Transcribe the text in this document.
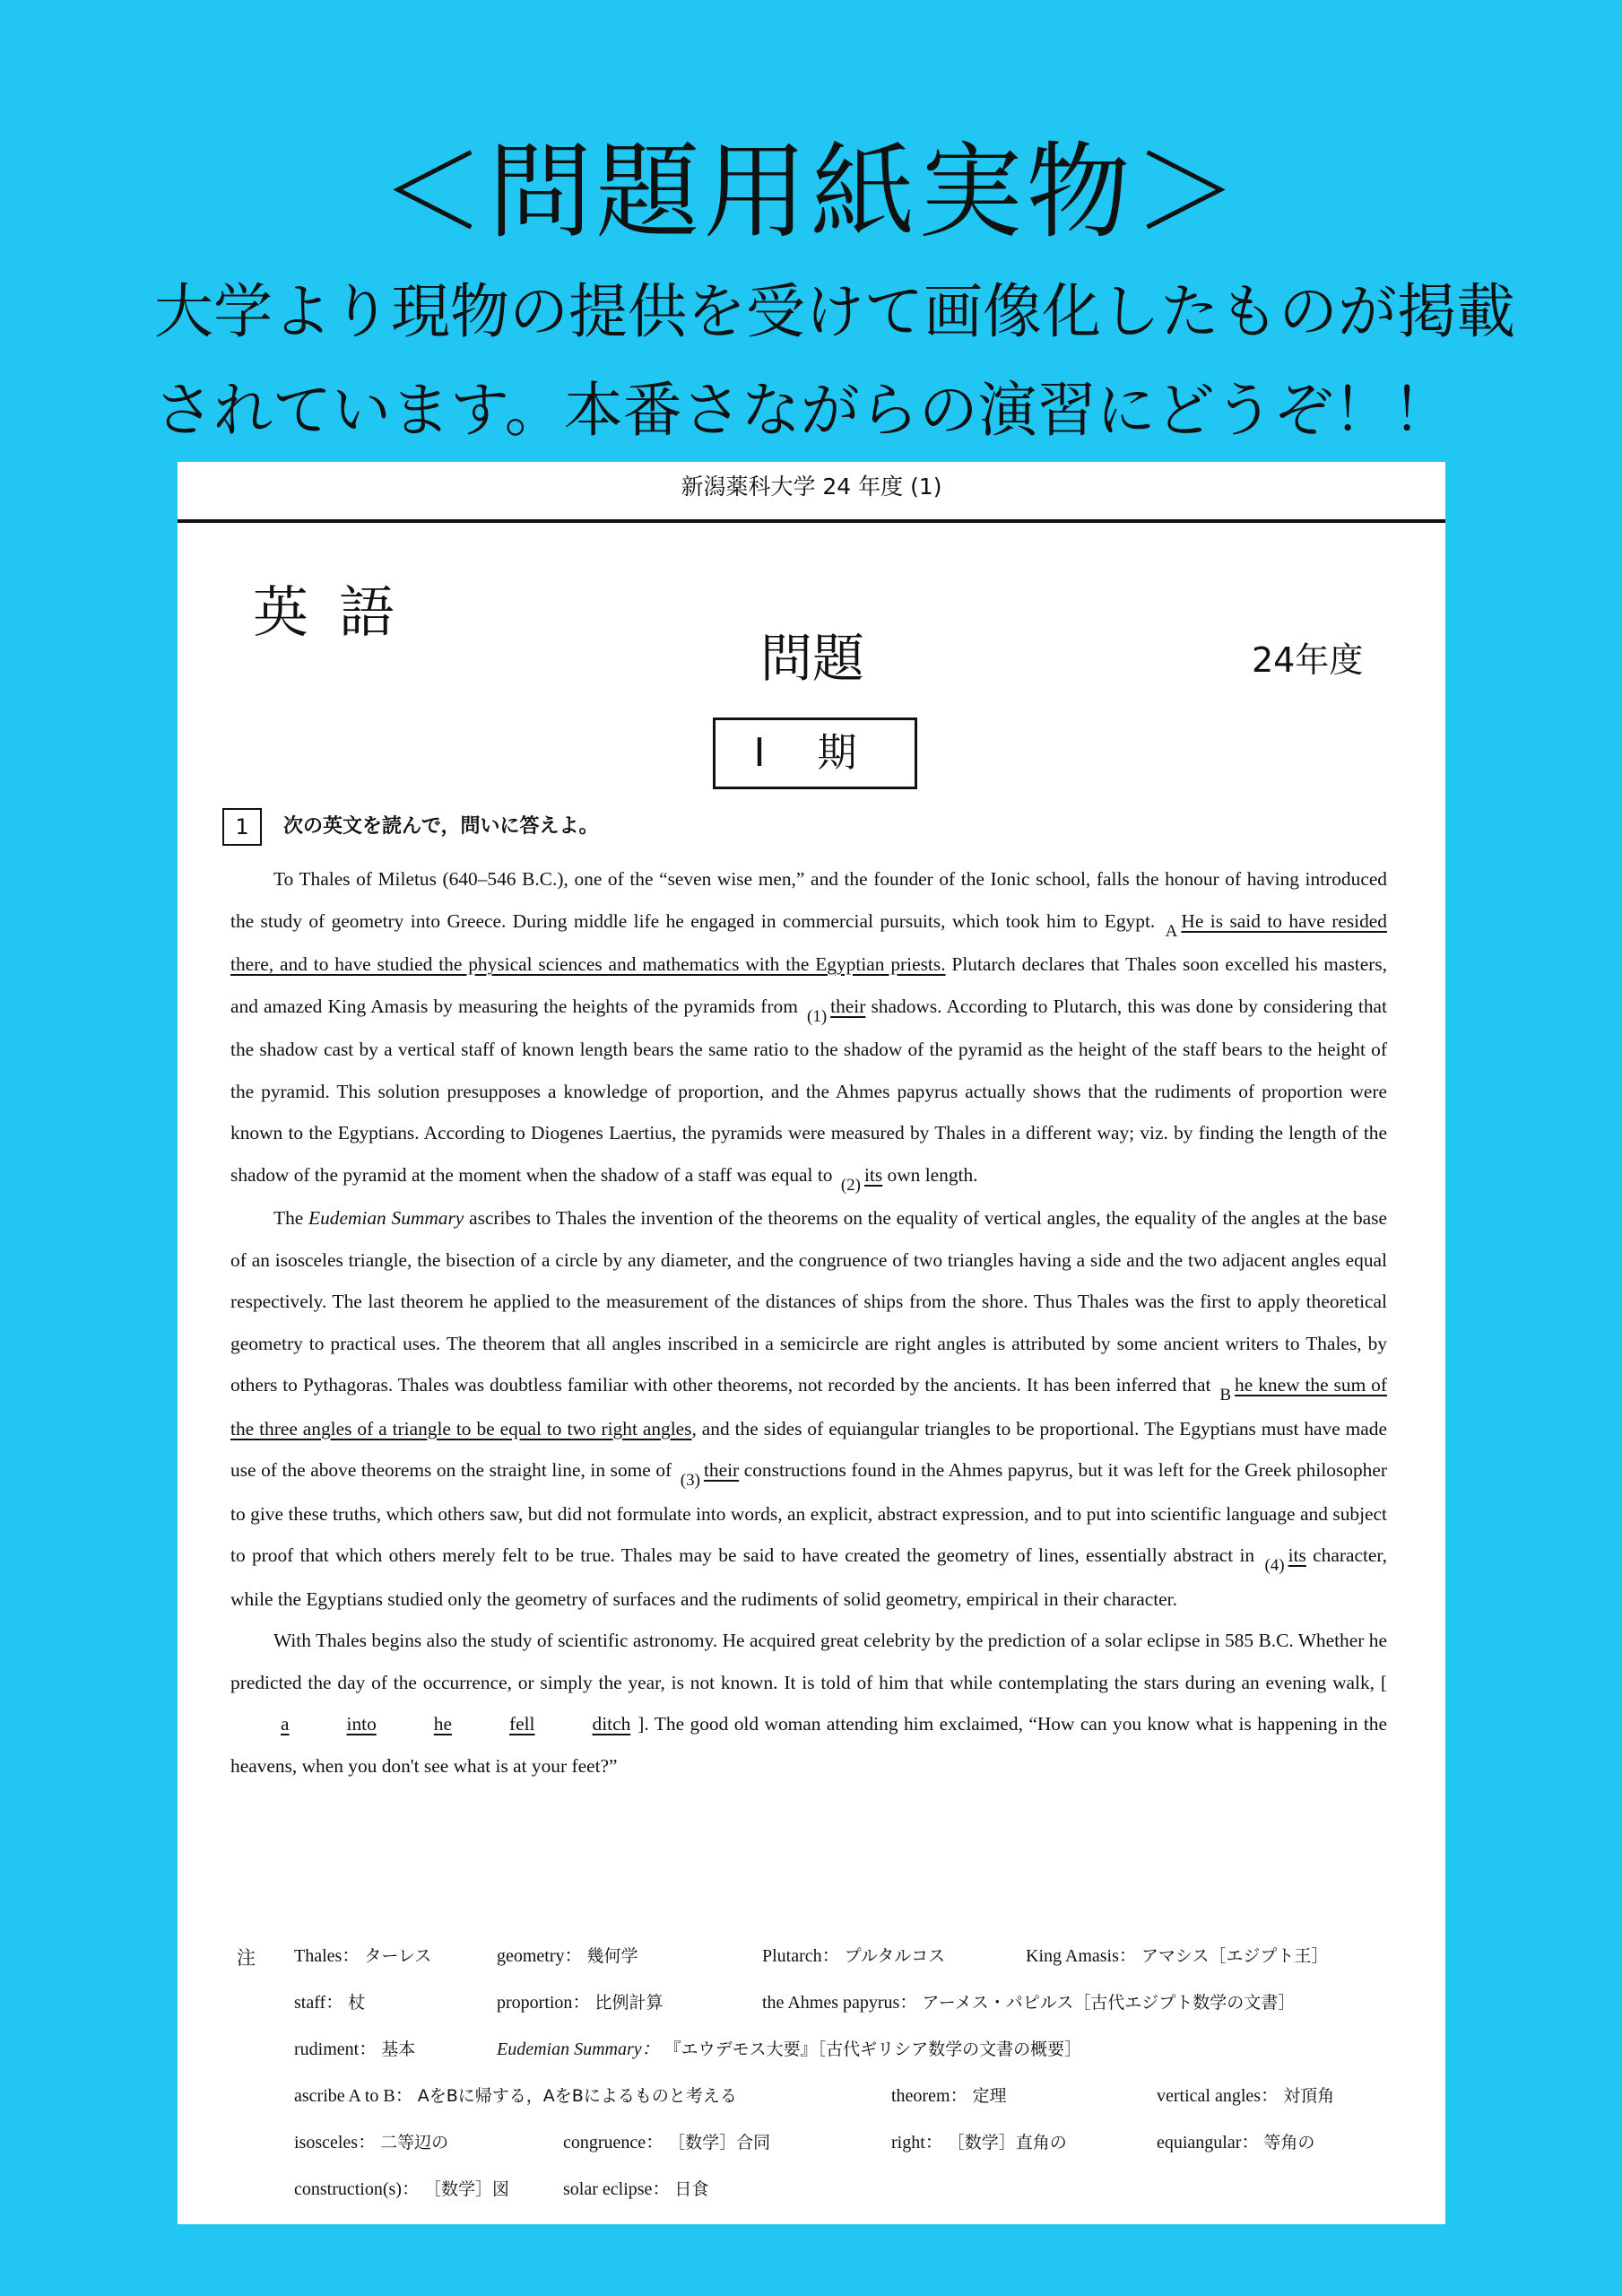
＜問題用紙実物＞
大学より現物の提供を受けて画像化したものが掲載
されています。本番さながらの演習にどうぞ！！
新潟薬科大学 24 年度 (1)
英語
問題	24年度
I 期
1	次の英文を読んで，問いに答えよ。

To Thales of Miletus (640–546 B.C.), one of the “seven wise men,” and the founder of the Ionic school, falls the honour of having introduced the study of geometry into Greece. During middle life he engaged in commercial pursuits, which took him to Egypt. A He is said to have resided there, and to have studied the physical sciences and mathematics with the Egyptian priests. Plutarch declares that Thales soon excelled his masters, and amazed King Amasis by measuring the heights of the pyramids from (1) their shadows. According to Plutarch, this was done by considering that the shadow cast by a vertical staff of known length bears the same ratio to the shadow of the pyramid as the height of the staff bears to the height of the pyramid. This solution presupposes a knowledge of proportion, and the Ahmes papyrus actually shows that the rudiments of proportion were known to the Egyptians. According to Diogenes Laertius, the pyramids were measured by Thales in a different way; viz. by finding the length of the shadow of the pyramid at the moment when the shadow of a staff was equal to (2) its own length.

The Eudemian Summary ascribes to Thales the invention of the theorems on the equality of vertical angles, the equality of the angles at the base of an isosceles triangle, the bisection of a circle by any diameter, and the congruence of two triangles having a side and the two adjacent angles equal respectively. The last theorem he applied to the measurement of the distances of ships from the shore. Thus Thales was the first to apply theoretical geometry to practical uses. The theorem that all angles inscribed in a semicircle are right angles is attributed by some ancient writers to Thales, by others to Pythagoras. Thales was doubtless familiar with other theorems, not recorded by the ancients. It has been inferred that B he knew the sum of the three angles of a triangle to be equal to two right angles, and the sides of equiangular triangles to be proportional. The Egyptians must have made use of the above theorems on the straight line, in some of (3) their constructions found in the Ahmes papyrus, but it was left for the Greek philosopher to give these truths, which others saw, but did not formulate into words, an explicit, abstract expression, and to put into scientific language and subject to proof that which others merely felt to be true. Thales may be said to have created the geometry of lines, essentially abstract in (4) its character, while the Egyptians studied only the geometry of surfaces and the rudiments of solid geometry, empirical in their character.

With Thales begins also the study of scientific astronomy. He acquired great celebrity by the prediction of a solar eclipse in 585 B.C. Whether he predicted the day of the occurrence, or simply the year, is not known. It is told of him that while contemplating the stars during an evening walk, [a	into	he	fell	ditch ]. The good old woman attending him exclaimed, “How can you know what is happening in the heavens, when you don't see what is at your feet?”

注 Thales： ターレス	geometry： 幾何学	Plutarch： プルタルコス	King Amasis： アマシス［エジプト王］
staff： 杖	proportion： 比例計算	the Ahmes papyrus： アーメス・パピルス［古代エジプト数学の文書］
rudiment： 基本	Eudemian Summary： 『エウデモス大要』［古代ギリシア数学の文書の概要］
ascribe A to B： AをBに帰する，AをBによるものと考える	theorem： 定理	vertical angles： 対頂角
isosceles： 二等辺の	congruence： ［数学］合同	right： ［数学］直角の	equiangular： 等角の
construction(s)： ［数学］図	solar eclipse： 日食
